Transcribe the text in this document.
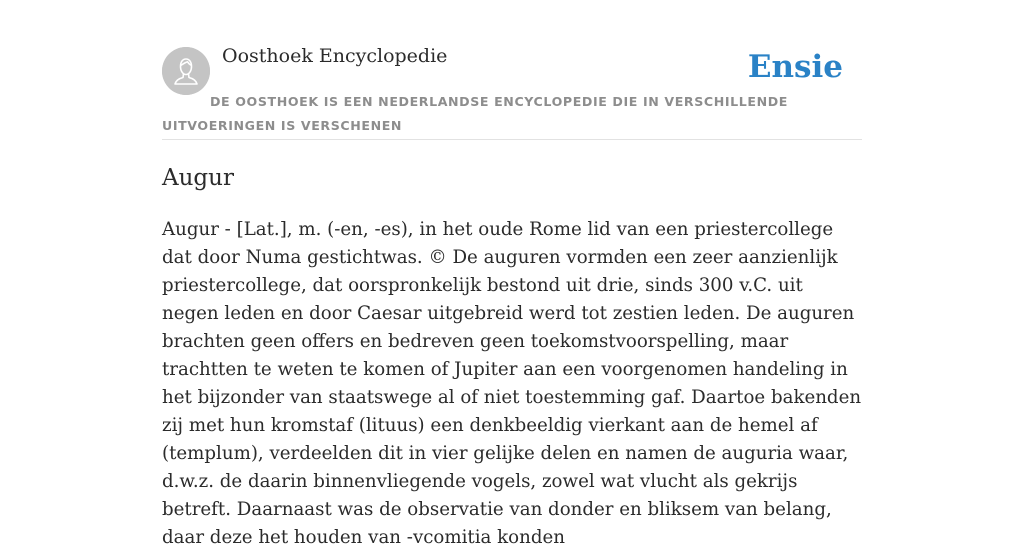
Oosthoek Encyclopedie	Ensie
DE OOSTHOEK IS EEN NEDERLANDSE ENCYCLOPEDIE DIE IN VERSCHILLENDE UITVOERINGEN IS VERSCHENEN
Augur

Augur - [Lat.], m. (-en, -es), in het oude Rome lid van een priestercollege dat door Numa gestichtwas. © De auguren vormden een zeer aanzienlijk priestercollege, dat oorspronkelijk bestond uit drie, sinds 300 v.C. uit negen leden en door Caesar uitgebreid werd tot zestien leden. De auguren brachten geen offers en bedreven geen toekomstvoorspelling, maar trachtten te weten te komen of Jupiter aan een voorgenomen handeling in het bijzonder van staatswege al of niet toestemming gaf. Daartoe bakenden zij met hun kromstaf (lituus) een denkbeeldig vierkant aan de hemel af (templum), verdeelden dit in vier gelijke delen en namen de auguria waar, d.w.z. de daarin binnenvliegende vogels, zowel wat vlucht als gekrijs betreft. Daarnaast was de observatie van donder en bliksem van belang, daar deze het houden van -vcomitia konden
